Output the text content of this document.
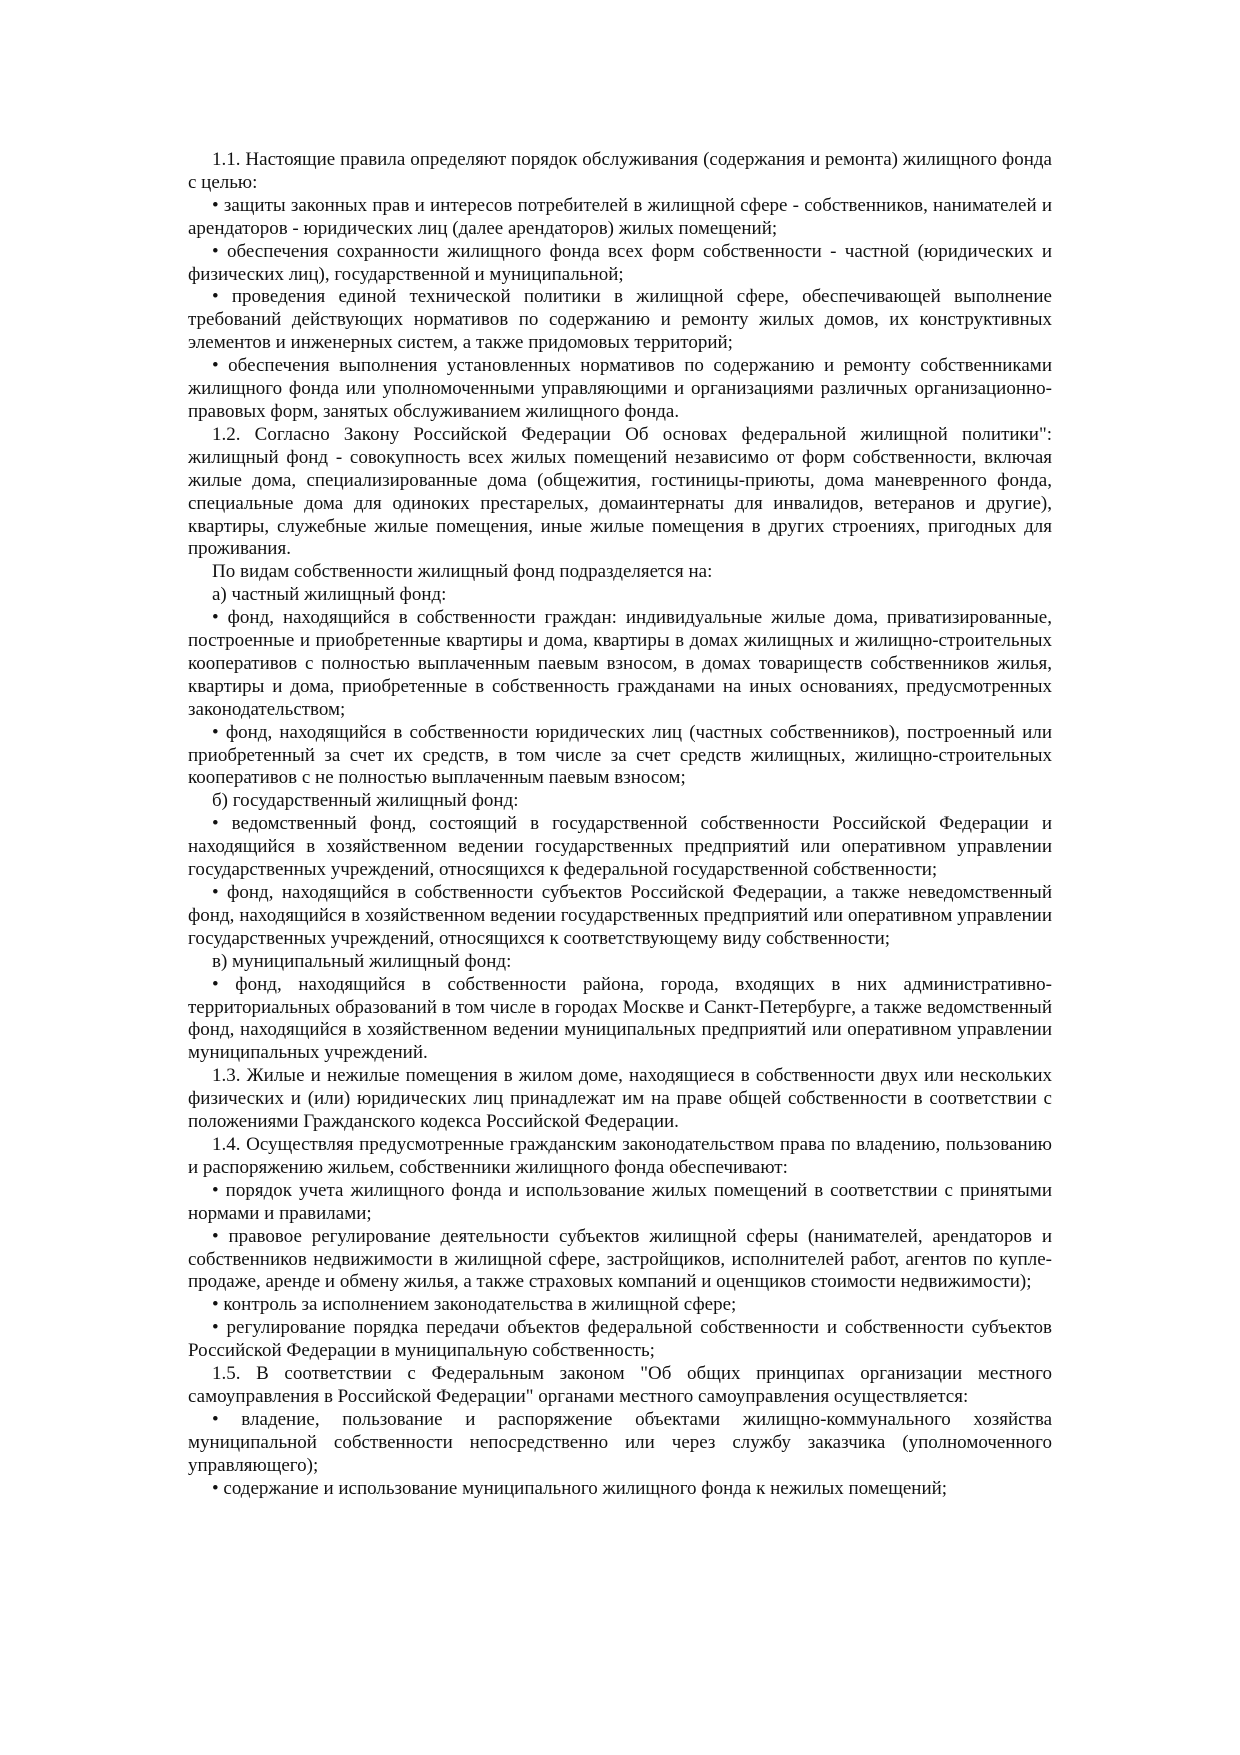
1.1. Настоящие правила определяют порядок обслуживания (содержания и ремонта) жилищного фонда с целью:

• защиты законных прав и интересов потребителей в жилищной сфере - собственников, нанимателей и арендаторов - юридических лиц (далее арендаторов) жилых помещений;

• обеспечения сохранности жилищного фонда всех форм собственности - частной (юридических и физических лиц), государственной и муниципальной;

• проведения единой технической политики в жилищной сфере, обеспечивающей выполнение требований действующих нормативов по содержанию и ремонту жилых домов, их конструктивных элементов и инженерных систем, а также придомовых территорий;

• обеспечения выполнения установленных нормативов по содержанию и ремонту собственниками жилищного фонда или уполномоченными управляющими и организациями различных организационно-правовых форм, занятых обслуживанием жилищного фонда.

1.2. Согласно Закону Российской Федерации Об основах федеральной жилищной политики": жилищный фонд - совокупность всех жилых помещений независимо от форм собственности, включая жилые дома, специализированные дома (общежития, гостиницы-приюты, дома маневренного фонда, специальные дома для одиноких престарелых, домаинтернаты для инвалидов, ветеранов и другие), квартиры, служебные жилые помещения, иные жилые помещения в других строениях, пригодных для проживания.

По видам собственности жилищный фонд подразделяется на:

а) частный жилищный фонд:

• фонд, находящийся в собственности граждан: индивидуальные жилые дома, приватизированные, построенные и приобретенные квартиры и дома, квартиры в домах жилищных и жилищно-строительных кооперативов с полностью выплаченным паевым взносом, в домах товариществ собственников жилья, квартиры и дома, приобретенные в собственность гражданами на иных основаниях, предусмотренных законодательством;

• фонд, находящийся в собственности юридических лиц (частных собственников), построенный или приобретенный за счет их средств, в том числе за счет средств жилищных, жилищно-строительных кооперативов с не полностью выплаченным паевым взносом;

б) государственный жилищный фонд:

• ведомственный фонд, состоящий в государственной собственности Российской Федерации и находящийся в хозяйственном ведении государственных предприятий или оперативном управлении государственных учреждений, относящихся к федеральной государственной собственности;

• фонд, находящийся в собственности субъектов Российской Федерации, а также неведомственный фонд, находящийся в хозяйственном ведении государственных предприятий или оперативном управлении государственных учреждений, относящихся к соответствующему виду собственности;

в) муниципальный жилищный фонд:

• фонд, находящийся в собственности района, города, входящих в них административно-территориальных образований в том числе в городах Москве и Санкт-Петербурге, а также ведомственный фонд, находящийся в хозяйственном ведении муниципальных предприятий или оперативном управлении муниципальных учреждений.

1.3. Жилые и нежилые помещения в жилом доме, находящиеся в собственности двух или нескольких физических и (или) юридических лиц принадлежат им на праве общей собственности в соответствии с положениями Гражданского кодекса Российской Федерации.

1.4. Осуществляя предусмотренные гражданским законодательством права по владению, пользованию и распоряжению жильем, собственники жилищного фонда обеспечивают:

• порядок учета жилищного фонда и использование жилых помещений в соответствии с принятыми нормами и правилами;

• правовое регулирование деятельности субъектов жилищной сферы (нанимателей, арендаторов и собственников недвижимости в жилищной сфере, застройщиков, исполнителей работ, агентов по купле-продаже, аренде и обмену жилья, а также страховых компаний и оценщиков стоимости недвижимости);

• контроль за исполнением законодательства в жилищной сфере;

• регулирование порядка передачи объектов федеральной собственности и собственности субъектов Российской Федерации в муниципальную собственность;

1.5. В соответствии с Федеральным законом "Об общих принципах организации местного самоуправления в Российской Федерации" органами местного самоуправления осуществляется:

• владение, пользование и распоряжение объектами жилищно-коммунального хозяйства муниципальной собственности непосредственно или через службу заказчика (уполномоченного управляющего);

• содержание и использование муниципального жилищного фонда к нежилых помещений;
